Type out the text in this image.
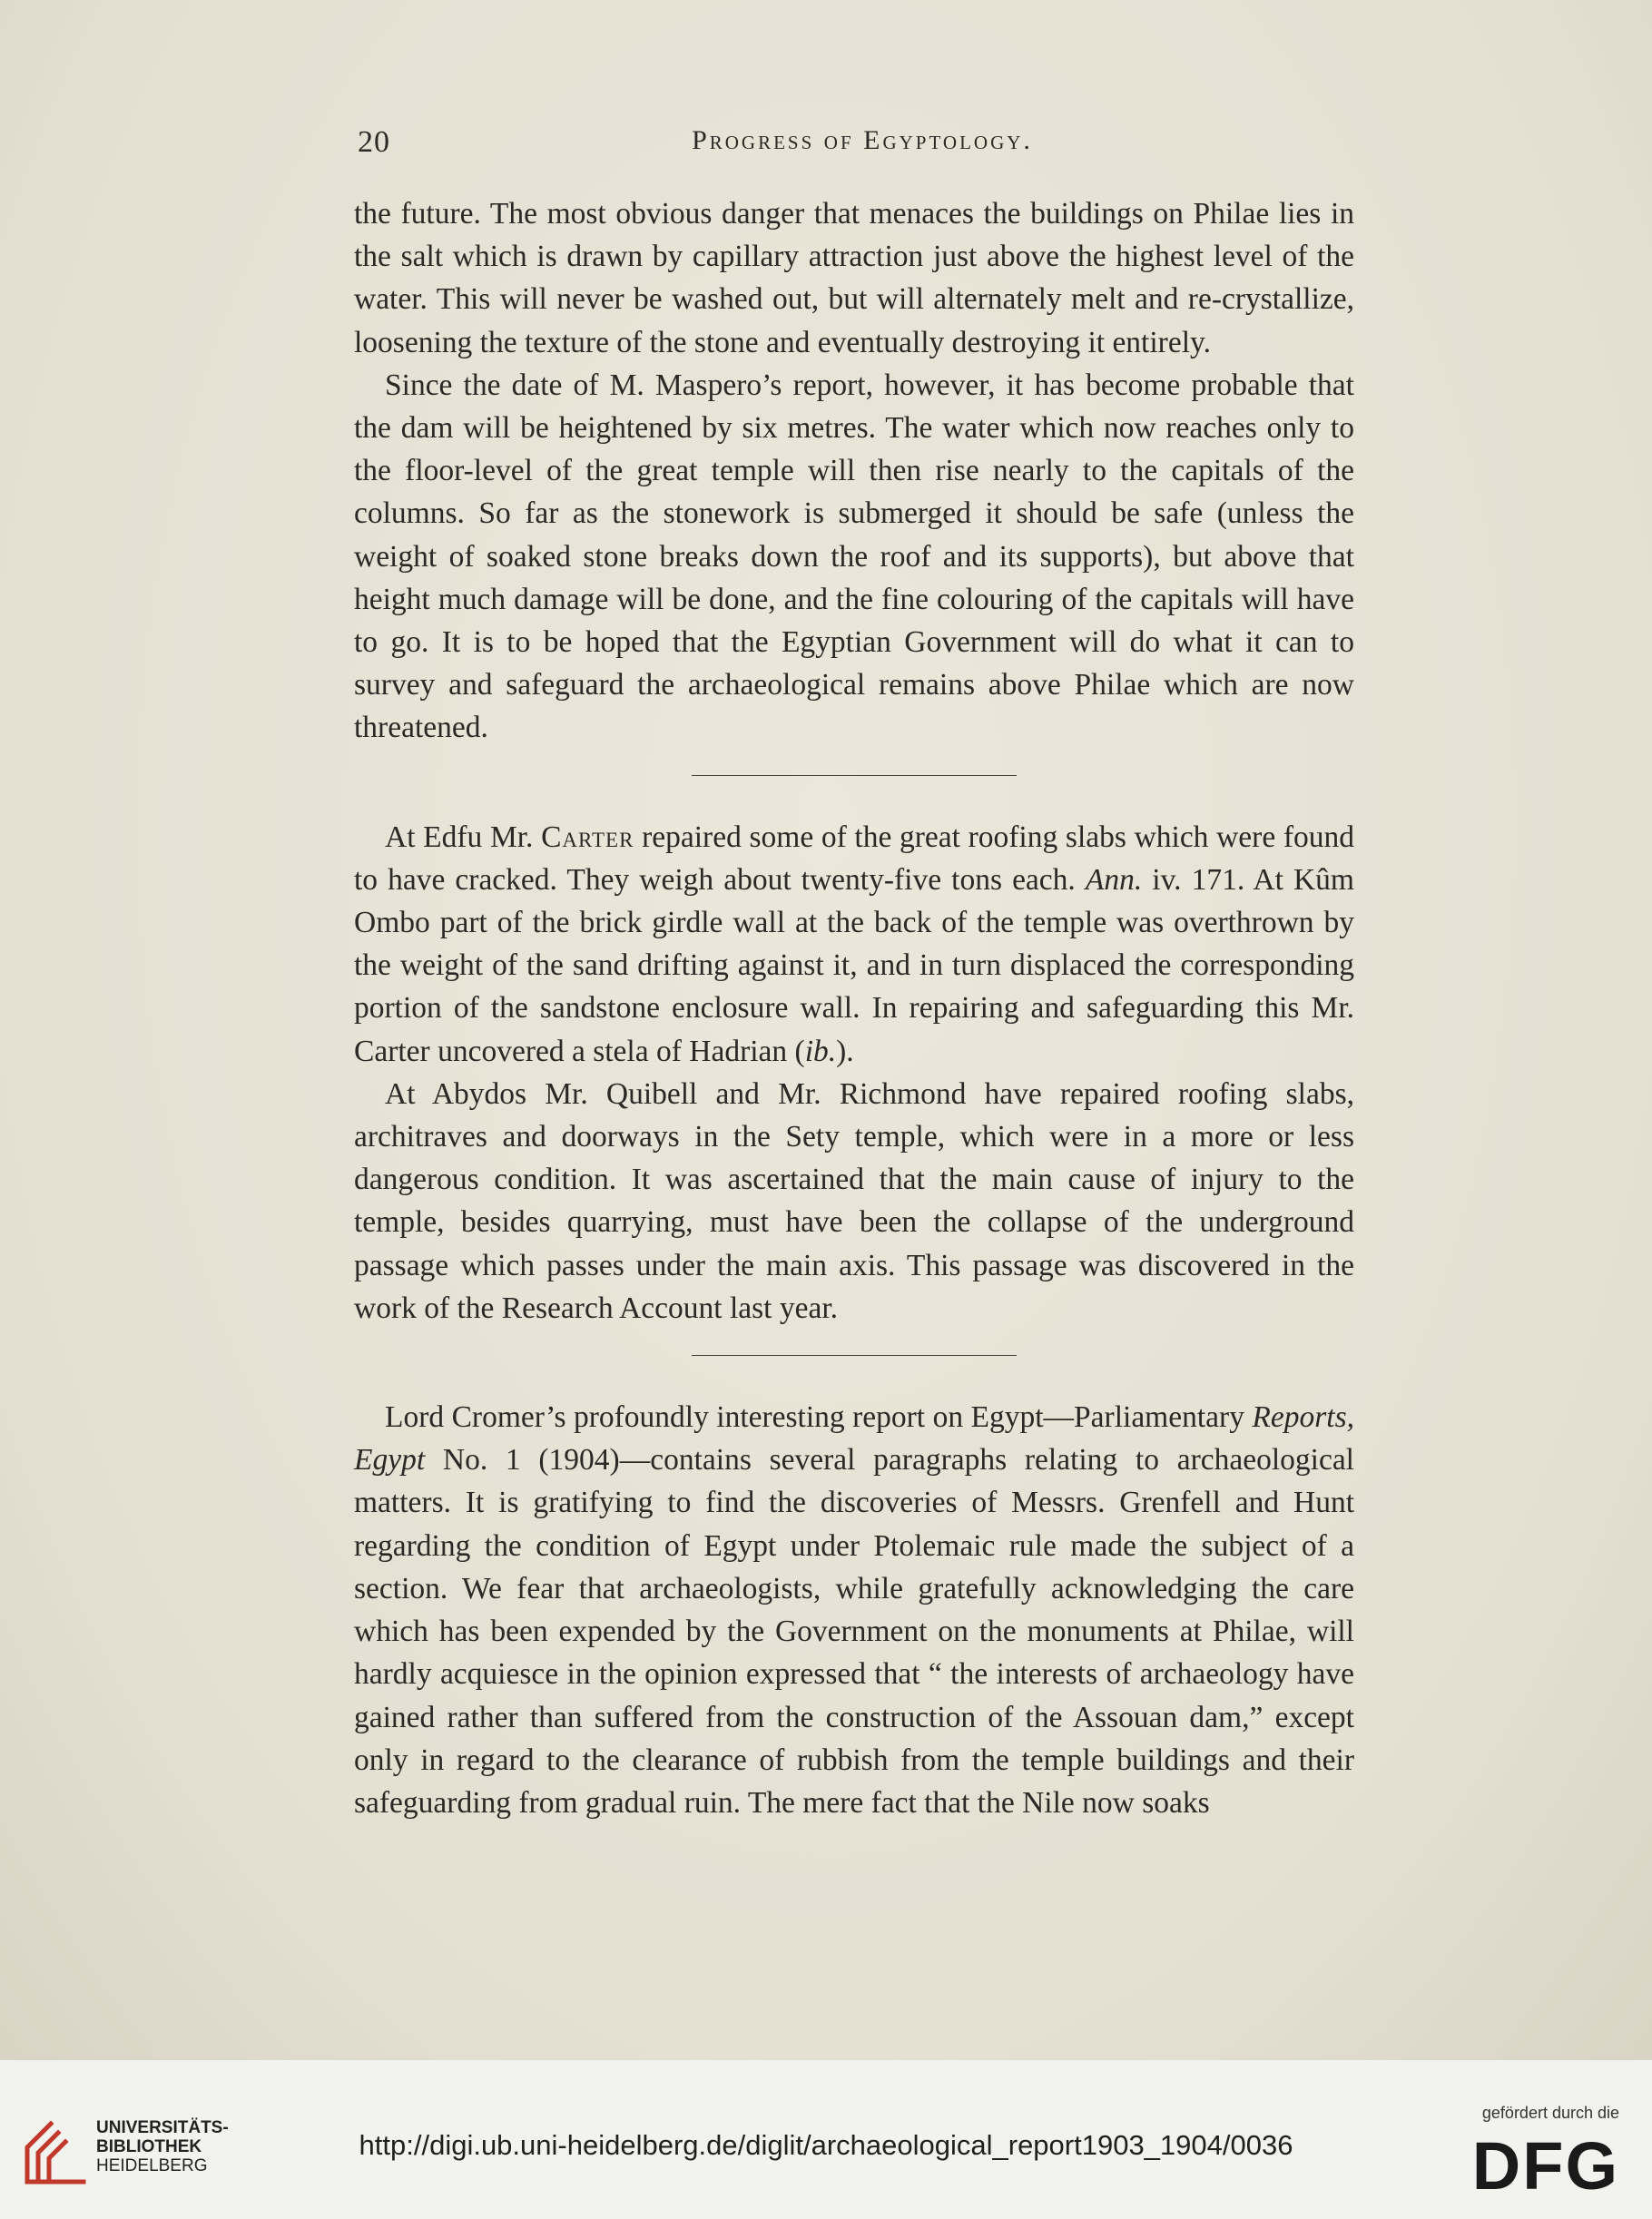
20	Progress of Egyptology.

the future. The most obvious danger that menaces the buildings on Philae lies in the salt which is drawn by capillary attraction just above the highest level of the water. This will never be washed out, but will alternately melt and re-crystallize, loosening the texture of the stone and eventually destroying it entirely.

Since the date of M. Maspero’s report, however, it has become probable that the dam will be heightened by six metres. The water which now reaches only to the floor-level of the great temple will then rise nearly to the capitals of the columns. So far as the stonework is submerged it should be safe (unless the weight of soaked stone breaks down the roof and its supports), but above that height much damage will be done, and the fine colouring of the capitals will have to go. It is to be hoped that the Egyptian Government will do what it can to survey and safeguard the archaeological remains above Philae which are now threatened.

At Edfu Mr. Carter repaired some of the great roofing slabs which were found to have cracked. They weigh about twenty-five tons each. Ann. iv. 171. At Kûm Ombo part of the brick girdle wall at the back of the temple was overthrown by the weight of the sand drifting against it, and in turn displaced the corresponding portion of the sandstone enclosure wall. In repairing and safeguarding this Mr. Carter uncovered a stela of Hadrian (ib.).

At Abydos Mr. Quibell and Mr. Richmond have repaired roofing slabs, architraves and doorways in the Sety temple, which were in a more or less dangerous condition. It was ascertained that the main cause of injury to the temple, besides quarrying, must have been the collapse of the underground passage which passes under the main axis. This passage was discovered in the work of the Research Account last year.

Lord Cromer’s profoundly interesting report on Egypt—Parliamentary Reports, Egypt No. 1 (1904)—contains several paragraphs relating to archaeological matters. It is gratifying to find the discoveries of Messrs. Grenfell and Hunt regarding the condition of Egypt under Ptolemaic rule made the subject of a section. We fear that archaeologists, while gratefully acknowledging the care which has been expended by the Government on the monuments at Philae, will hardly acquiesce in the opinion expressed that “ the interests of archaeology have gained rather than suffered from the construction of the Assouan dam,” except only in regard to the clearance of rubbish from the temple buildings and their safeguarding from gradual ruin. The mere fact that the Nile now soaks

UNIVERSITÄTS-
BIBLIOTHEK
HEIDELBERG
http://digi.ub.uni-heidelberg.de/diglit/archaeological_report1903_1904/0036
gefördert durch die
DFG
